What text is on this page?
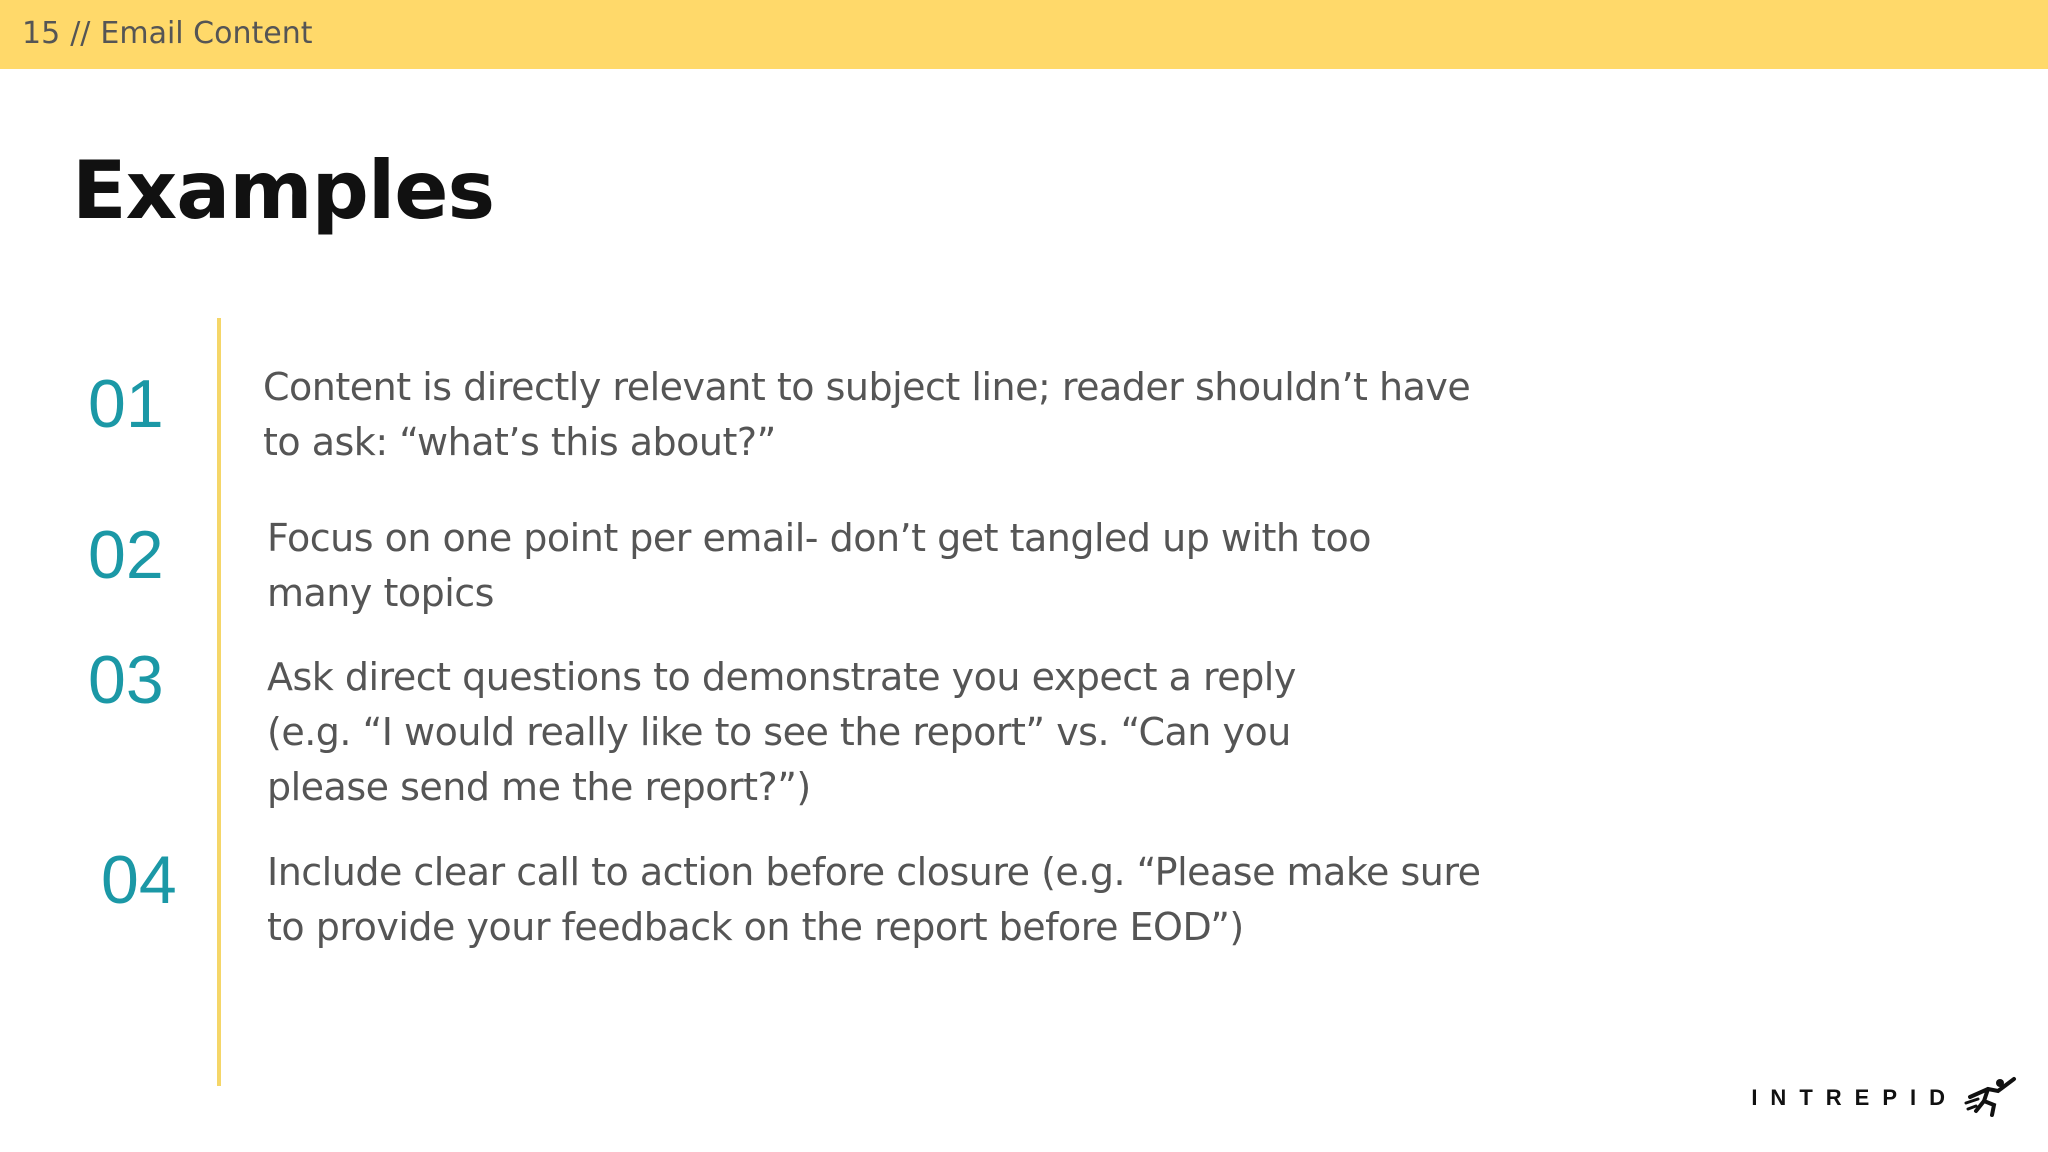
15 // Email Content
Examples
01	Content is directly relevant to subject line; reader shouldn’t have to ask: “what’s this about?”
02	Focus on one point per email- don’t get tangled up with too many topics
03	Ask direct questions to demonstrate you expect a reply (e.g. “I would really like to see the report” vs. “Can you please send me the report?”)
04 Include clear call to action before closure (e.g. “Please make sure to provide your feedback on the report before EOD”)
INTREPID
